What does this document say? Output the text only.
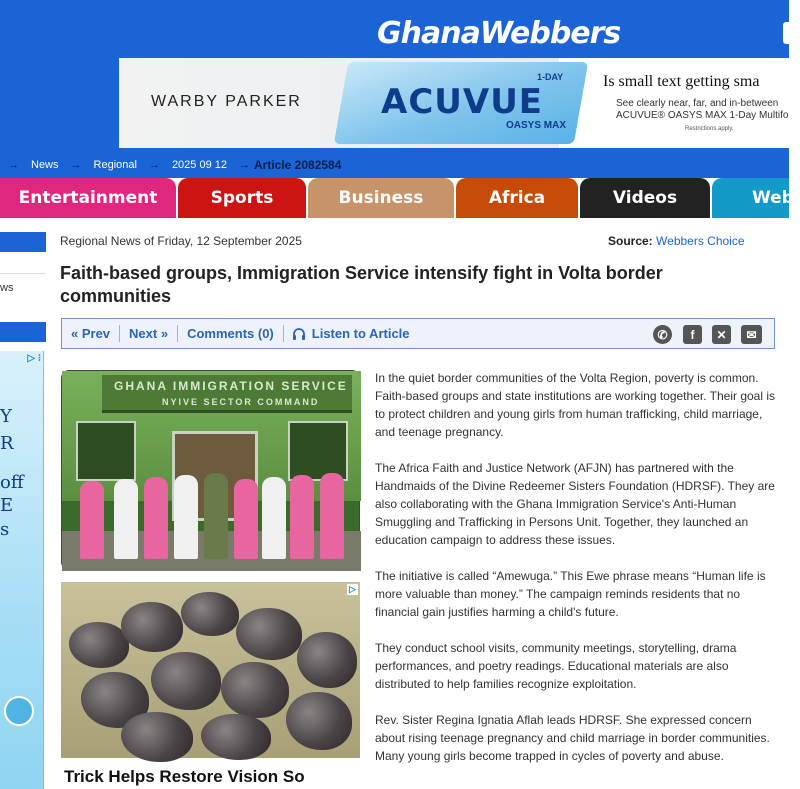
GhanaWebbers
WARBY PARKER
1-DAY
ACUVUE
OASYS MAX
Is small text getting sma
See clearly near, far, and in-between
ACUVUE® OASYS MAX 1-Day Multifo
Restrictions apply.
→ News → Regional → 2025 09 12 → Article 2082584
Entertainment	Sports	Business	Africa	Videos	Webl
ws
▷ ⁝
Y
R
off
E
s
Regional News of Friday, 12 September 2025	Source: Webbers Choice
Faith-based groups, Immigration Service intensify fight in Volta border communities
« Prev	Next »	Comments (0)	Listen to Article	✆	f	✕	✉
GHANA IMMIGRATION SERVICE
NYIVE SECTOR COMMAND
▷
Trick Helps Restore Vision So

In the quiet border communities of the Volta Region, poverty is common. Faith-based groups and state institutions are working together. Their goal is to protect children and young girls from human trafficking, child marriage, and teenage pregnancy.

The Africa Faith and Justice Network (AFJN) has partnered with the Handmaids of the Divine Redeemer Sisters Foundation (HDRSF). They are also collaborating with the Ghana Immigration Service's Anti-Human Smuggling and Trafficking in Persons Unit. Together, they launched an education campaign to address these issues.

The initiative is called “Amewuga.” This Ewe phrase means “Human life is more valuable than money.” The campaign reminds residents that no financial gain justifies harming a child's future.

They conduct school visits, community meetings, storytelling, drama performances, and poetry readings. Educational materials are also distributed to help families recognize exploitation.

Rev. Sister Regina Ignatia Aflah leads HDRSF. She expressed concern about rising teenage pregnancy and child marriage in border communities. Many young girls become trapped in cycles of poverty and abuse.
